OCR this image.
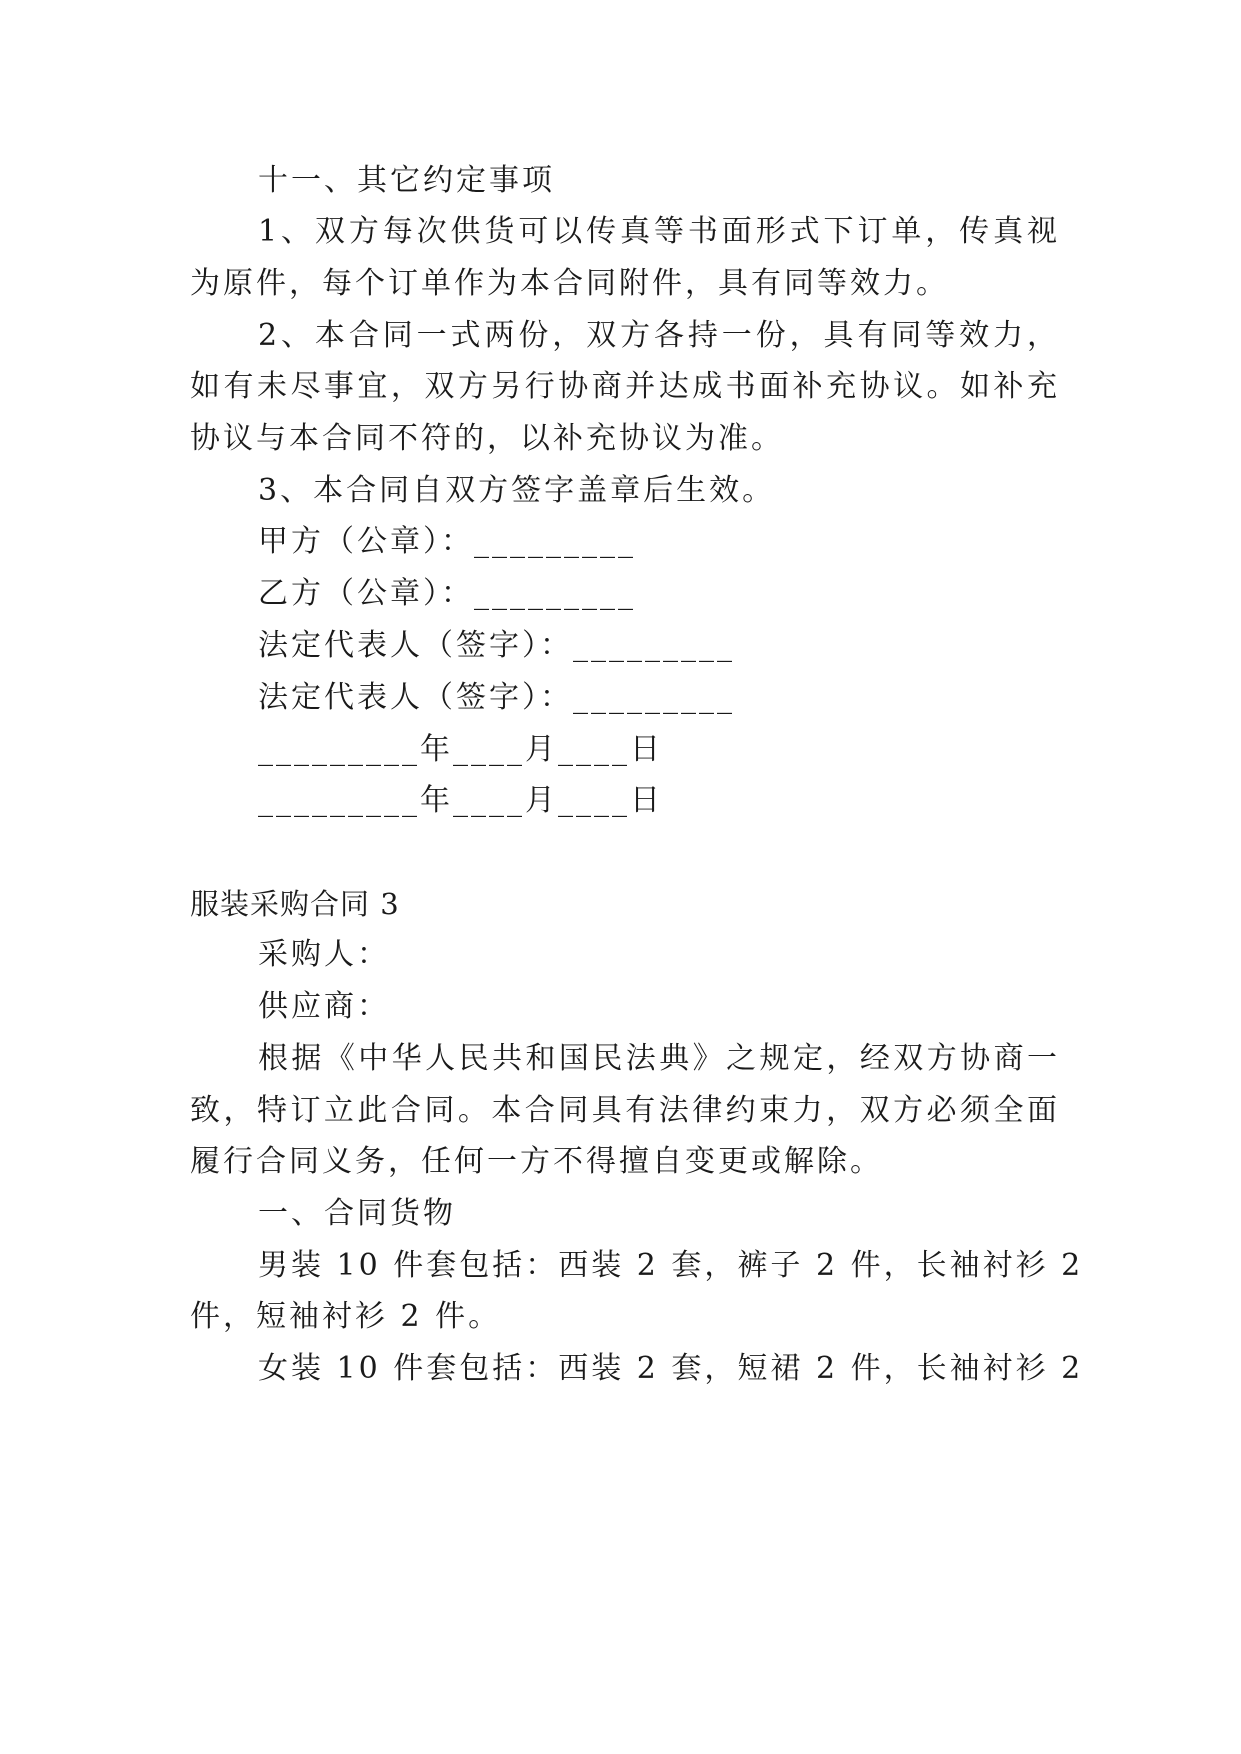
十一、其它约定事项
1、双方每次供货可以传真等书面形式下订单，传真视
为原件，每个订单作为本合同附件，具有同等效力。
2、本合同一式两份，双方各持一份，具有同等效力，
如有未尽事宜，双方另行协商并达成书面补充协议。如补充
协议与本合同不符的，以补充协议为准。
3、本合同自双方签字盖章后生效。
甲方（公章）：_________
乙方（公章）：_________
法定代表人（签字）：_________
法定代表人（签字）：_________
_________年____月____日
_________年____月____日
服装采购合同 3
采购人：
供应商：
根据《中华人民共和国民法典》之规定，经双方协商一
致，特订立此合同。本合同具有法律约束力，双方必须全面
履行合同义务，任何一方不得擅自变更或解除。
一、合同货物
男装 10 件套包括：西装 2 套，裤子 2 件，长袖衬衫 2
件，短袖衬衫 2 件。
女装 10 件套包括：西装 2 套，短裙 2 件，长袖衬衫 2
